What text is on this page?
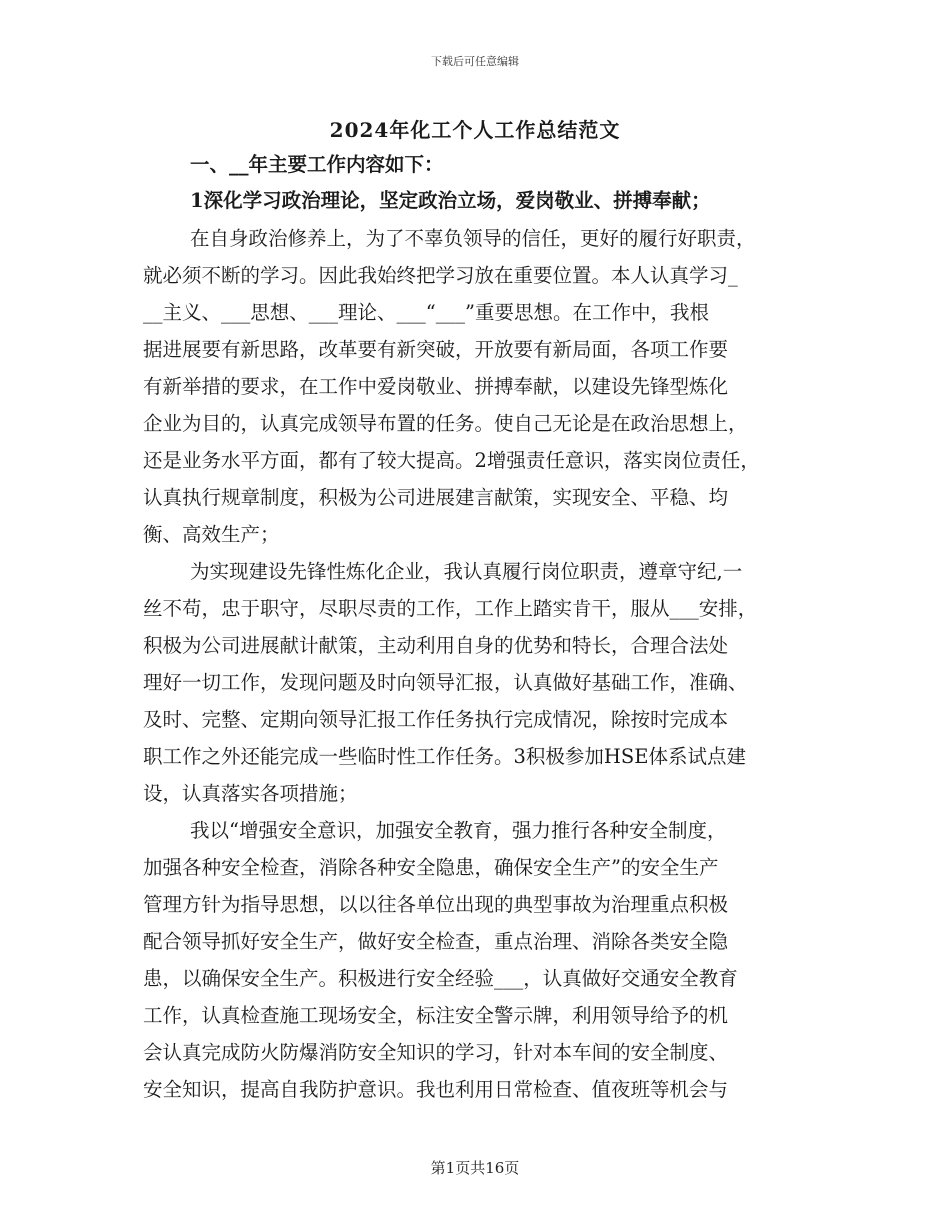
下载后可任意编辑
2024年化工个人工作总结范文
一、__年主要工作内容如下：
1深化学习政治理论，坚定政治立场，爱岗敬业、拼搏奉献；
在自身政治修养上，为了不辜负领导的信任，更好的履行好职责，
就必须不断的学习。因此我始终把学习放在重要位置。本人认真学习_
__主义、___思想、___理论、___“___”重要思想。在工作中，我根
据进展要有新思路，改革要有新突破，开放要有新局面，各项工作要
有新举措的要求，在工作中爱岗敬业、拼搏奉献，以建设先锋型炼化
企业为目的，认真完成领导布置的任务。使自己无论是在政治思想上，
还是业务水平方面，都有了较大提高。2增强责任意识，落实岗位责任，
认真执行规章制度，积极为公司进展建言献策，实现安全、平稳、均
衡、高效生产；
为实现建设先锋性炼化企业，我认真履行岗位职责，遵章守纪,一
丝不苟，忠于职守，尽职尽责的工作，工作上踏实肯干，服从___安排，
积极为公司进展献计献策，主动利用自身的优势和特长，合理合法处
理好一切工作，发现问题及时向领导汇报，认真做好基础工作，准确、
及时、完整、定期向领导汇报工作任务执行完成情况，除按时完成本
职工作之外还能完成一些临时性工作任务。3积极参加HSE体系试点建
设，认真落实各项措施；
我以“增强安全意识，加强安全教育，强力推行各种安全制度，
加强各种安全检查，消除各种安全隐患，确保安全生产”的安全生产
管理方针为指导思想，以以往各单位出现的典型事故为治理重点积极
配合领导抓好安全生产，做好安全检查，重点治理、消除各类安全隐
患，以确保安全生产。积极进行安全经验___，认真做好交通安全教育
工作，认真检查施工现场安全，标注安全警示牌，利用领导给予的机
会认真完成防火防爆消防安全知识的学习，针对本车间的安全制度、
安全知识，提高自我防护意识。我也利用日常检查、值夜班等机会与
第1页共16页
